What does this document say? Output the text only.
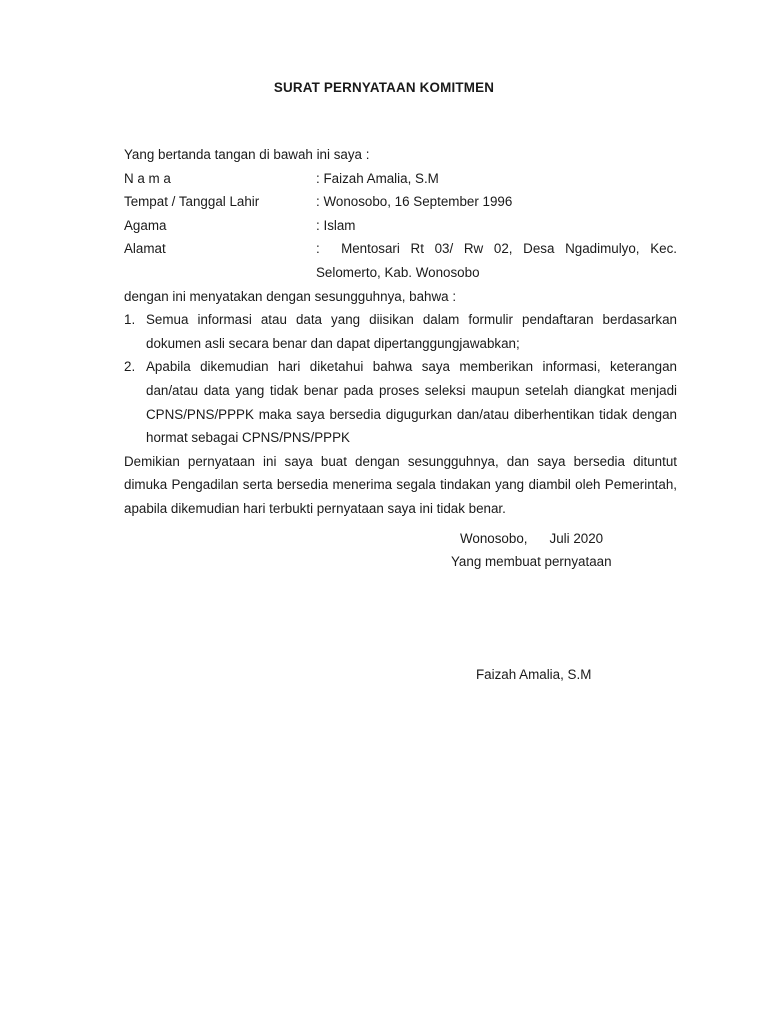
SURAT PERNYATAAN KOMITMEN
Yang bertanda tangan di bawah ini saya :
N a m a	: Faizah Amalia, S.M
Tempat / Tanggal Lahir	: Wonosobo, 16 September 1996
Agama	: Islam
Alamat	: Mentosari Rt 03/ Rw 02, Desa Ngadimulyo, Kec.
Selomerto, Kab. Wonosobo
dengan ini menyatakan dengan sesungguhnya, bahwa :
1. Semua informasi atau data yang diisikan dalam formulir pendaftaran berdasarkan dokumen asli secara benar dan dapat dipertanggungjawabkan;
2. Apabila dikemudian hari diketahui bahwa saya memberikan informasi, keterangan dan/atau data yang tidak benar pada proses seleksi maupun setelah diangkat menjadi CPNS/PNS/PPPK maka saya bersedia digugurkan dan/atau diberhentikan tidak dengan hormat sebagai CPNS/PNS/PPPK
Demikian pernyataan ini saya buat dengan sesungguhnya, dan saya bersedia dituntut dimuka Pengadilan serta bersedia menerima segala tindakan yang diambil oleh Pemerintah, apabila dikemudian hari terbukti pernyataan saya ini tidak benar.
Wonosobo, Juli 2020
Yang membuat pernyataan
Faizah Amalia, S.M
